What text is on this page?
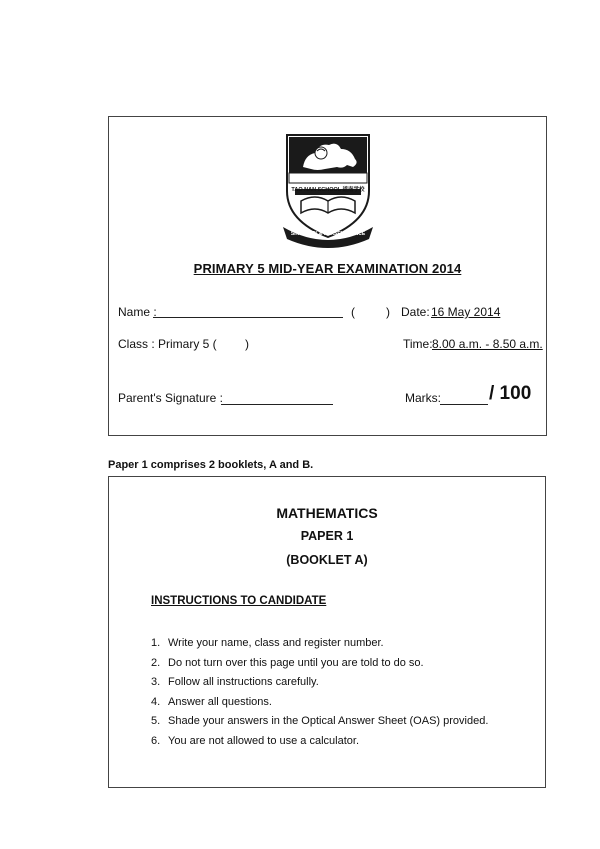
TAO NAN SCHOOL 道南学校
SINCERITY & PERSEVERANCE
PRIMARY 5 MID-YEAR EXAMINATION 2014
Name :	(	) Date: 16 May 2014
Class : Primary 5 ( )	Time: 8.00 a.m. - 8.50 a.m.
Parent's Signature :	Marks:	/ 100
Paper 1 comprises 2 booklets, A and B.
MATHEMATICS
PAPER 1
(BOOKLET A)
INSTRUCTIONS TO CANDIDATE
1. Write your name, class and register number.
2. Do not turn over this page until you are told to do so.
3. Follow all instructions carefully.
4. Answer all questions.
5. Shade your answers in the Optical Answer Sheet (OAS) provided.
6. You are not allowed to use a calculator.
